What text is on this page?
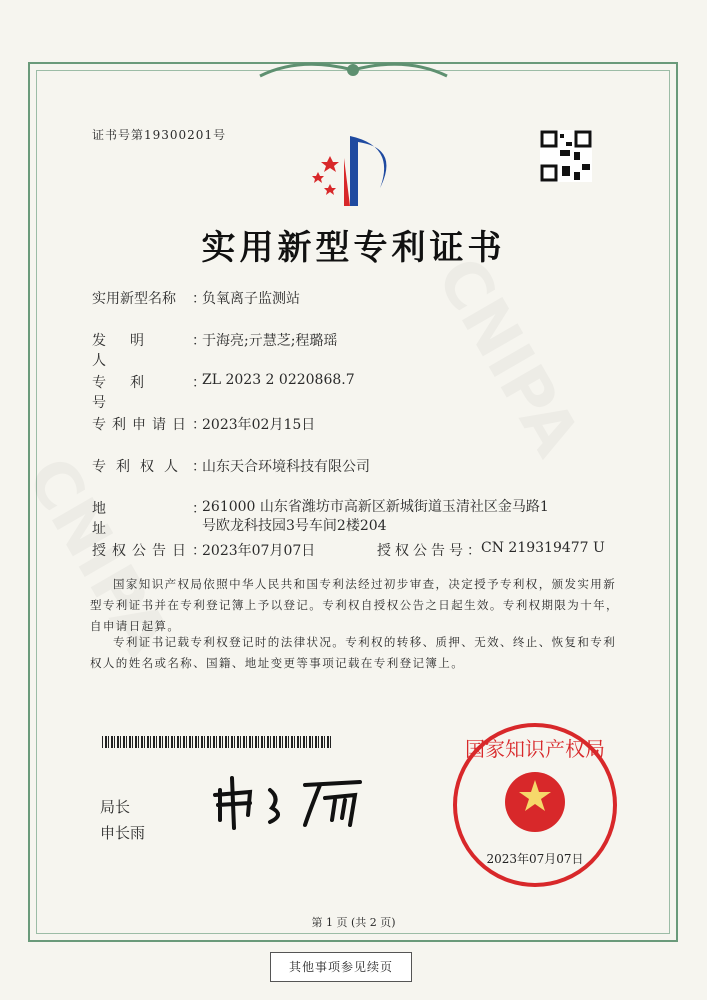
证书号第19300201号
实用新型专利证书
实用新型名称	：
负氧离子监测站
发明人
：
于海亮;亓慧芝;程璐瑶
专利号
：
ZL 2023 2 0220868.7
专利申请日 ：
2023年02月15日
专利权人 ：
山东天合环境科技有限公司
地址
：
261000 山东省潍坊市高新区新城街道玉清社区金马路1
号欧龙科技园3号车间2楼204
授权公告日 ：
2023年07月07日	授权公告号 ： CN 219319477 U
国家知识产权局依照中华人民共和国专利法经过初步审查，决定授予专利权，颁发实用新型专利证书并在专利登记簿上予以登记。专利权自授权公告之日起生效。专利权期限为十年，自申请日起算。
专利证书记载专利权登记时的法律状况。专利权的转移、质押、无效、终止、恢复和专利权人的姓名或名称、国籍、地址变更等事项记载在专利登记簿上。
局长
申长雨
国家知识产权局
2023年07月07日
第 1 页 (共 2 页)
其他事项参见续页
